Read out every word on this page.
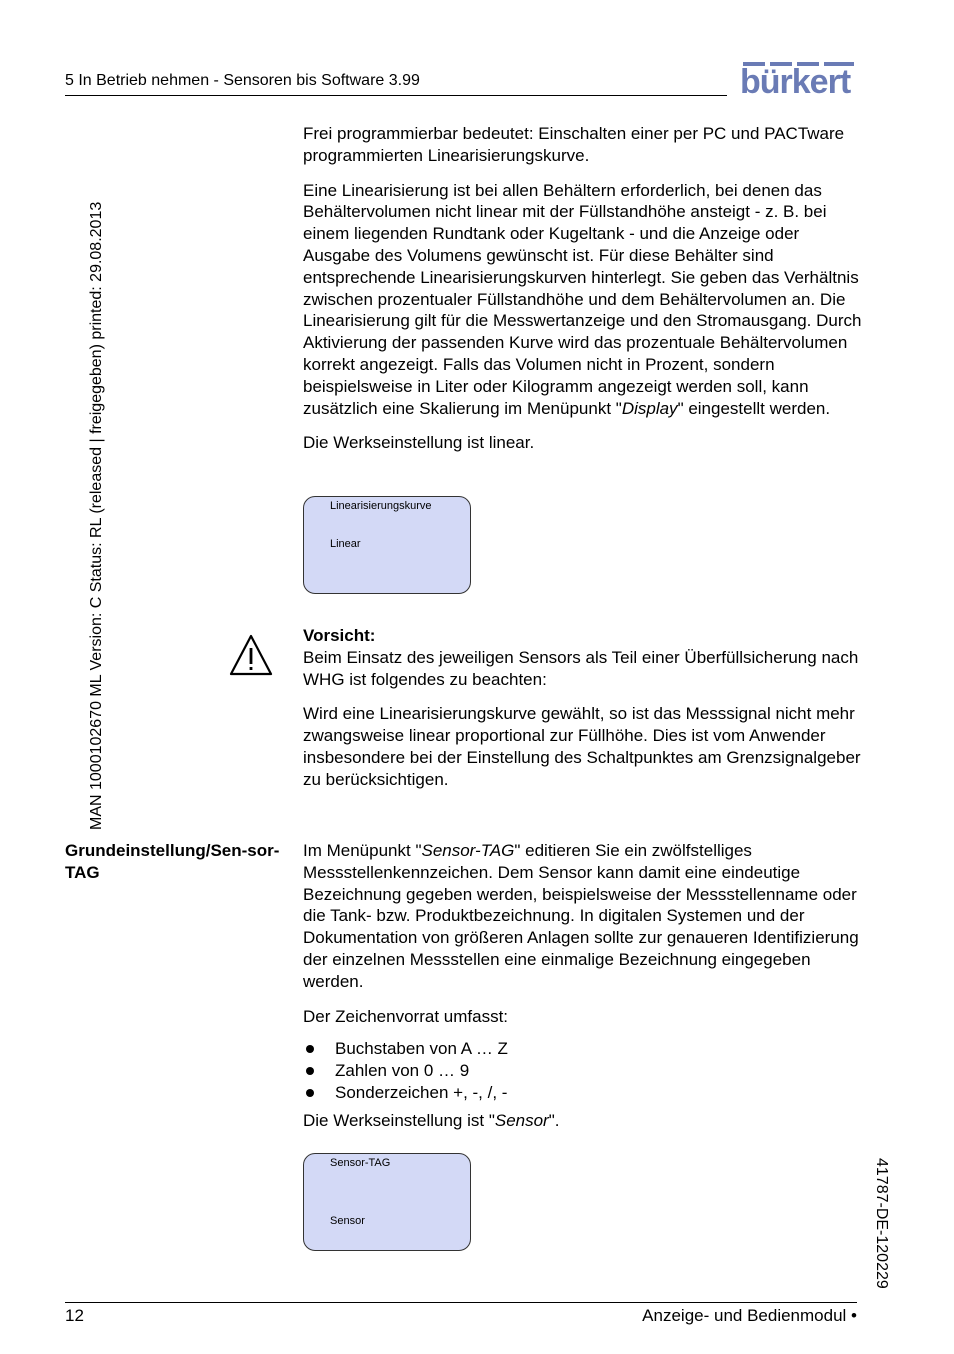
5 In Betrieb nehmen - Sensoren bis Software 3.99	bürkert
MAN 1000102670 ML Version: C Status: RL (released | freigegeben) printed: 29.08.2013
41787-DE-120229

Frei programmierbar bedeutet: Einschalten einer per PC und PACTware programmierten Linearisierungskurve.

Eine Linearisierung ist bei allen Behältern erforderlich, bei denen das Behältervolumen nicht linear mit der Füllstandhöhe ansteigt - z. B. bei einem liegenden Rundtank oder Kugeltank - und die Anzeige oder Ausgabe des Volumens gewünscht ist. Für diese Behälter sind entsprechende Linearisierungskurven hinterlegt. Sie geben das Verhältnis zwischen prozentualer Füllstandhöhe und dem Behältervolumen an. Die Linearisierung gilt für die Messwertanzeige und den Stromausgang. Durch Aktivierung der passenden Kurve wird das prozentuale Behältervolumen korrekt angezeigt. Falls das Volumen nicht in Prozent, sondern beispielsweise in Liter oder Kilogramm angezeigt werden soll, kann zusätzlich eine Skalierung im Menüpunkt "Display" eingestellt werden.

Die Werkseinstellung ist linear.

Linearisierungskurve
Linear

Vorsicht:

Beim Einsatz des jeweiligen Sensors als Teil einer Überfüllsicherung nach WHG ist folgendes zu beachten:

Wird eine Linearisierungskurve gewählt, so ist das Messsignal nicht mehr zwangsweise linear proportional zur Füllhöhe. Dies ist vom Anwender insbesondere bei der Einstellung des Schaltpunktes am Grenzsignalgeber zu berücksichtigen.

Grundeinstellung/Sen-sor-TAG

Im Menüpunkt "Sensor-TAG" editieren Sie ein zwölfstelliges Messstellenkennzeichen. Dem Sensor kann damit eine eindeutige Bezeichnung gegeben werden, beispielsweise der Messstellenname oder die Tank- bzw. Produktbezeichnung. In digitalen Systemen und der Dokumentation von größeren Anlagen sollte zur genaueren Identifizierung der einzelnen Messstellen eine einmalige Bezeichnung eingegeben werden.

Der Zeichenvorrat umfasst:

Buchstaben von A … Z
Zahlen von 0 … 9
Sonderzeichen +, -, /, -

Die Werkseinstellung ist "Sensor".

Sensor-TAG
Sensor
12	Anzeige- und Bedienmodul •
